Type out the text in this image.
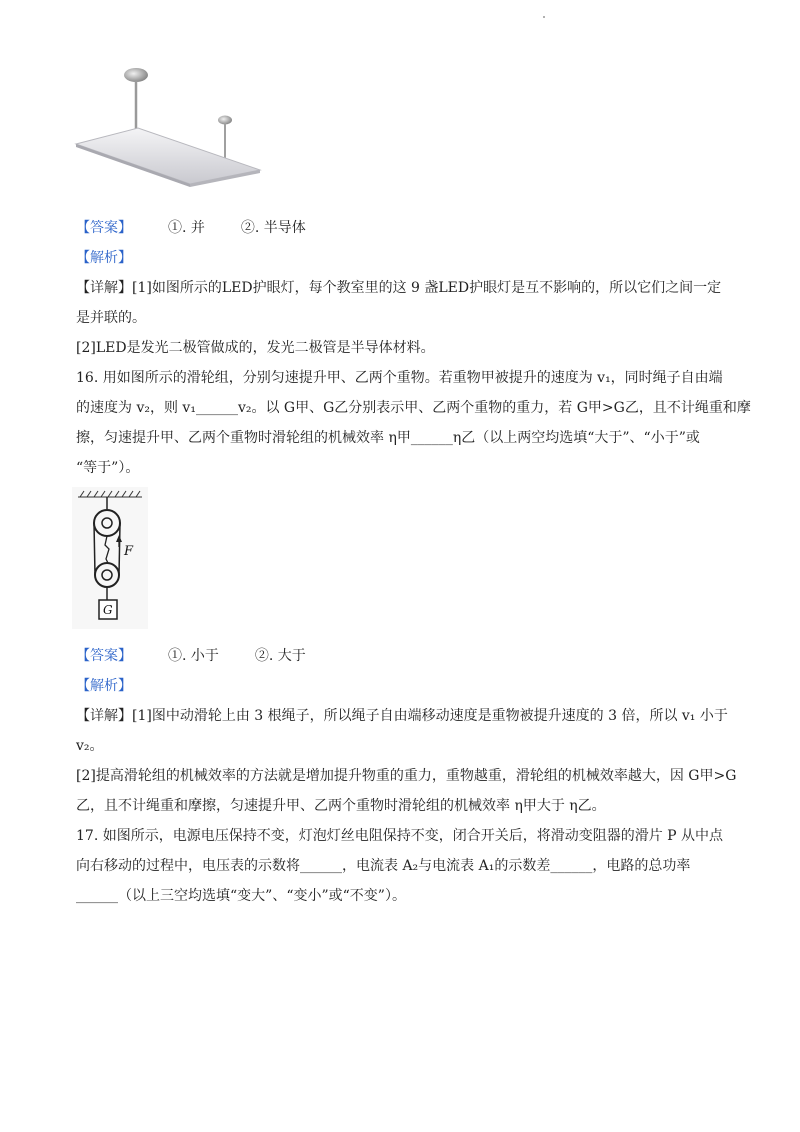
【答案】	①. 并	②. 半导体
【解析】
【详解】[1]如图所示的LED护眼灯，每个教室里的这 9 盏LED护眼灯是互不影响的，所以它们之间一定
是并联的。
[2]LED是发光二极管做成的，发光二极管是半导体材料。
16. 用如图所示的滑轮组，分别匀速提升甲、乙两个重物。若重物甲被提升的速度为 v₁，同时绳子自由端
的速度为 v₂，则 v₁______v₂。以 G甲、G乙分别表示甲、乙两个重物的重力，若 G甲>G乙，且不计绳重和摩
擦，匀速提升甲、乙两个重物时滑轮组的机械效率 η甲______η乙（以上两空均选填“大于”、“小于”或
“等于”）。
F
G
【答案】	①. 小于	②. 大于
【解析】
【详解】[1]图中动滑轮上由 3 根绳子，所以绳子自由端移动速度是重物被提升速度的 3 倍，所以 v₁ 小于
v₂。
[2]提高滑轮组的机械效率的方法就是增加提升物重的重力，重物越重，滑轮组的机械效率越大，因 G甲>G
乙，且不计绳重和摩擦，匀速提升甲、乙两个重物时滑轮组的机械效率 η甲大于 η乙。
17. 如图所示，电源电压保持不变，灯泡灯丝电阻保持不变，闭合开关后，将滑动变阻器的滑片 P 从中点
向右移动的过程中，电压表的示数将______，电流表 A₂与电流表 A₁的示数差______，电路的总功率
______（以上三空均选填“变大”、“变小”或“不变”）。
